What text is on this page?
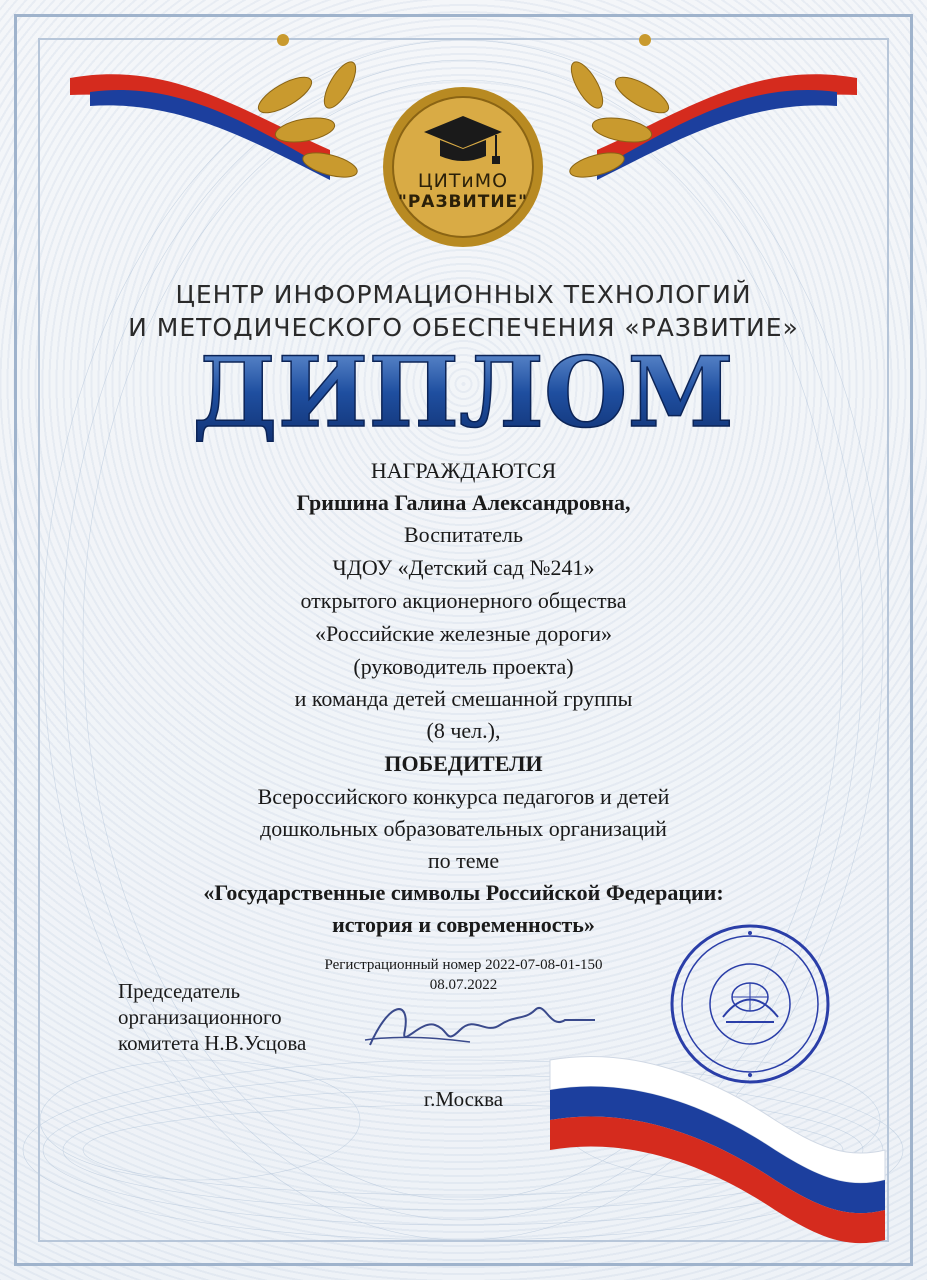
ЦИТиМО
"РАЗВИТИЕ"
ЦЕНТР ИНФОРМАЦИОННЫХ ТЕХНОЛОГИЙ
И МЕТОДИЧЕСКОГО ОБЕСПЕЧЕНИЯ «РАЗВИТИЕ»
ДИПЛОМ
НАГРАЖДАЮТСЯ
Гришина Галина Александровна,
Воспитатель
ЧДОУ «Детский сад №241»
открытого акционерного общества
«Российские железные дороги»
(руководитель проекта)
и команда детей смешанной группы
(8 чел.),
ПОБЕДИТЕЛИ
Всероссийского конкурса педагогов и детей
дошкольных образовательных организаций
по теме
«Государственные символы Российской Федерации:
история и современность»
Регистрационный номер 2022-07-08-01-150
08.07.2022
Председатель
организационного
комитета Н.В.Усцова
г.Москва
